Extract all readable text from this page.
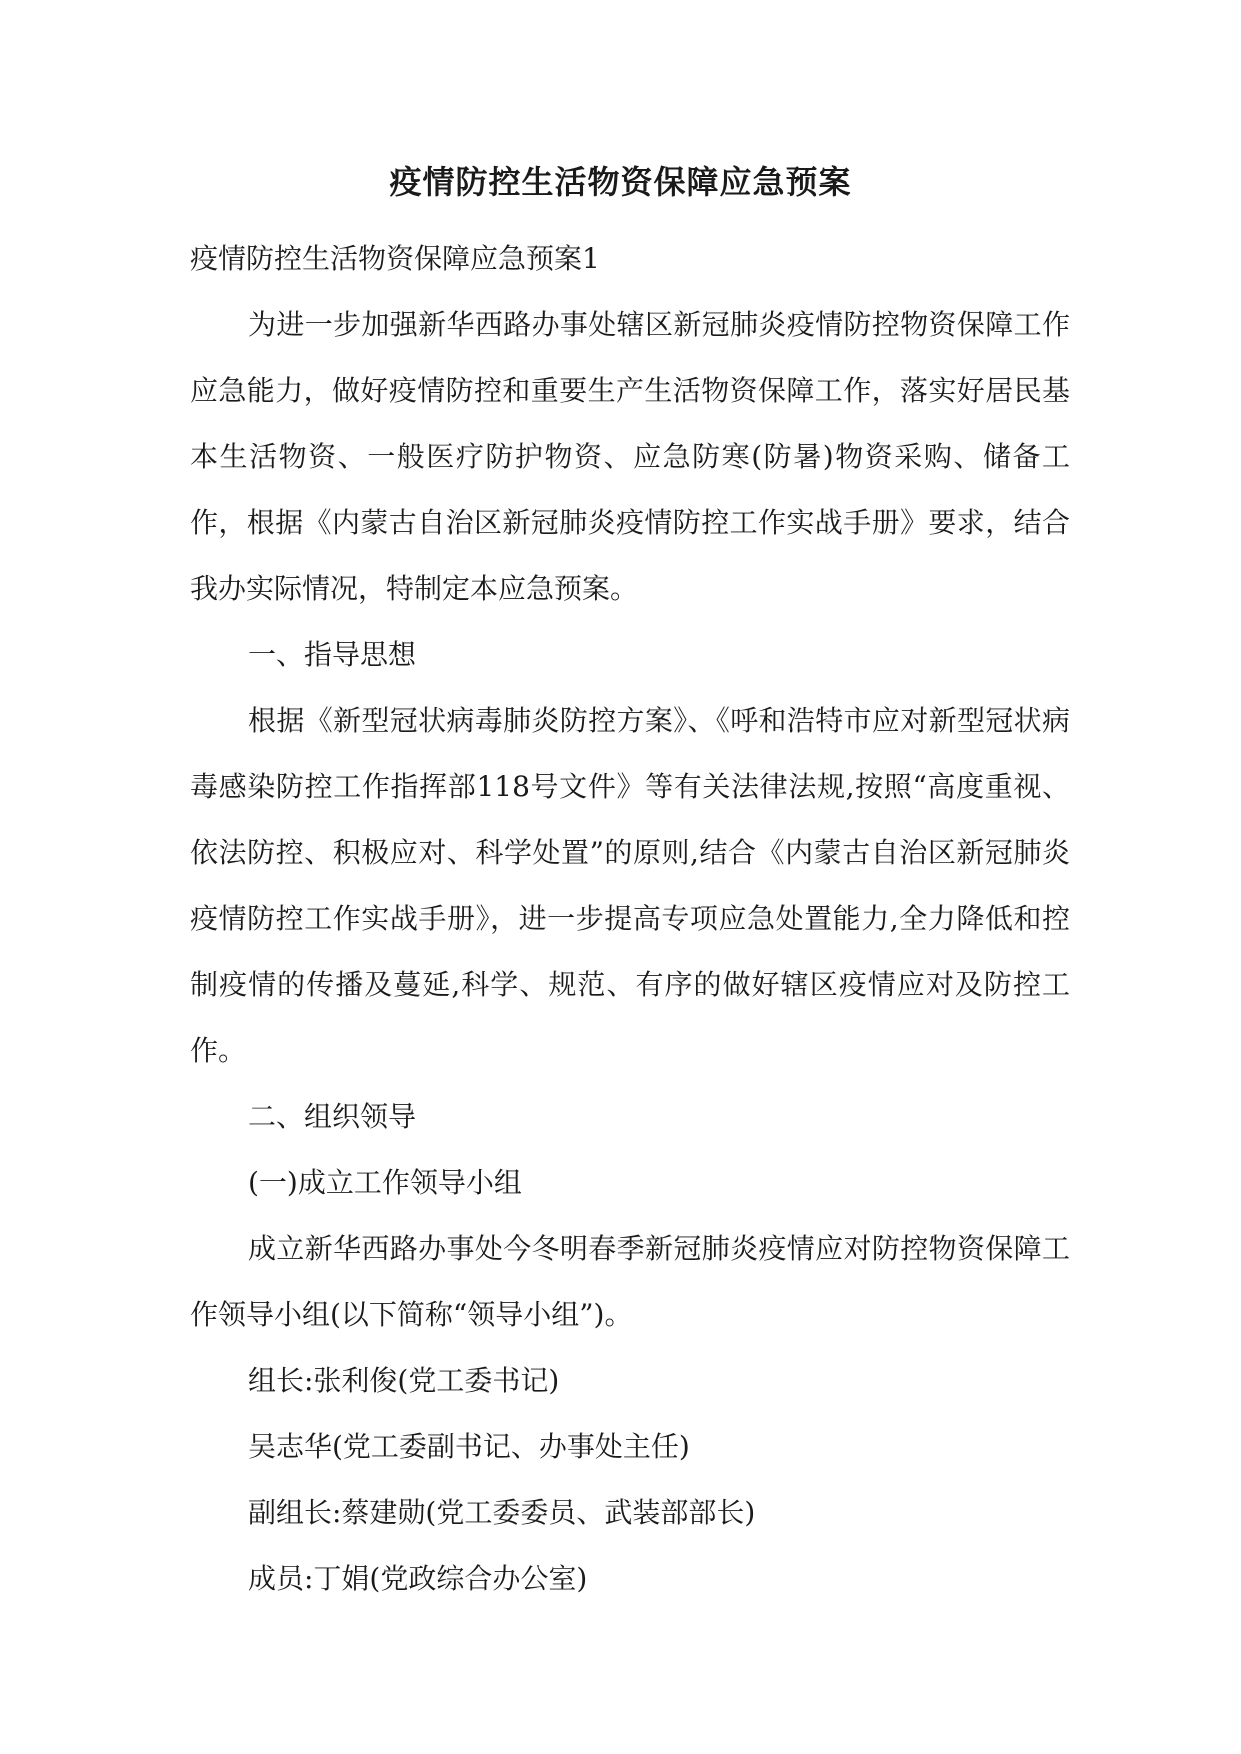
疫情防控生活物资保障应急预案

疫情防控生活物资保障应急预案1

为进一步加强新华西路办事处辖区新冠肺炎疫情防控物资保障工作应急能力，做好疫情防控和重要生产生活物资保障工作，落实好居民基本生活物资、一般医疗防护物资、应急防寒(防暑)物资采购、储备工作，根据《内蒙古自治区新冠肺炎疫情防控工作实战手册》要求，结合我办实际情况，特制定本应急预案。

一、指导思想

根据《新型冠状病毒肺炎防控方案》、《呼和浩特市应对新型冠状病毒感染防控工作指挥部118号文件》等有关法律法规,按照“高度重视、依法防控、积极应对、科学处置”的原则,结合《内蒙古自治区新冠肺炎疫情防控工作实战手册》，进一步提高专项应急处置能力,全力降低和控制疫情的传播及蔓延,科学、规范、有序的做好辖区疫情应对及防控工作。

二、组织领导

(一)成立工作领导小组

成立新华西路办事处今冬明春季新冠肺炎疫情应对防控物资保障工作领导小组(以下简称“领导小组”)。

组长:张利俊(党工委书记)

吴志华(党工委副书记、办事处主任)

副组长:蔡建勋(党工委委员、武装部部长)

成员:丁娟(党政综合办公室)
